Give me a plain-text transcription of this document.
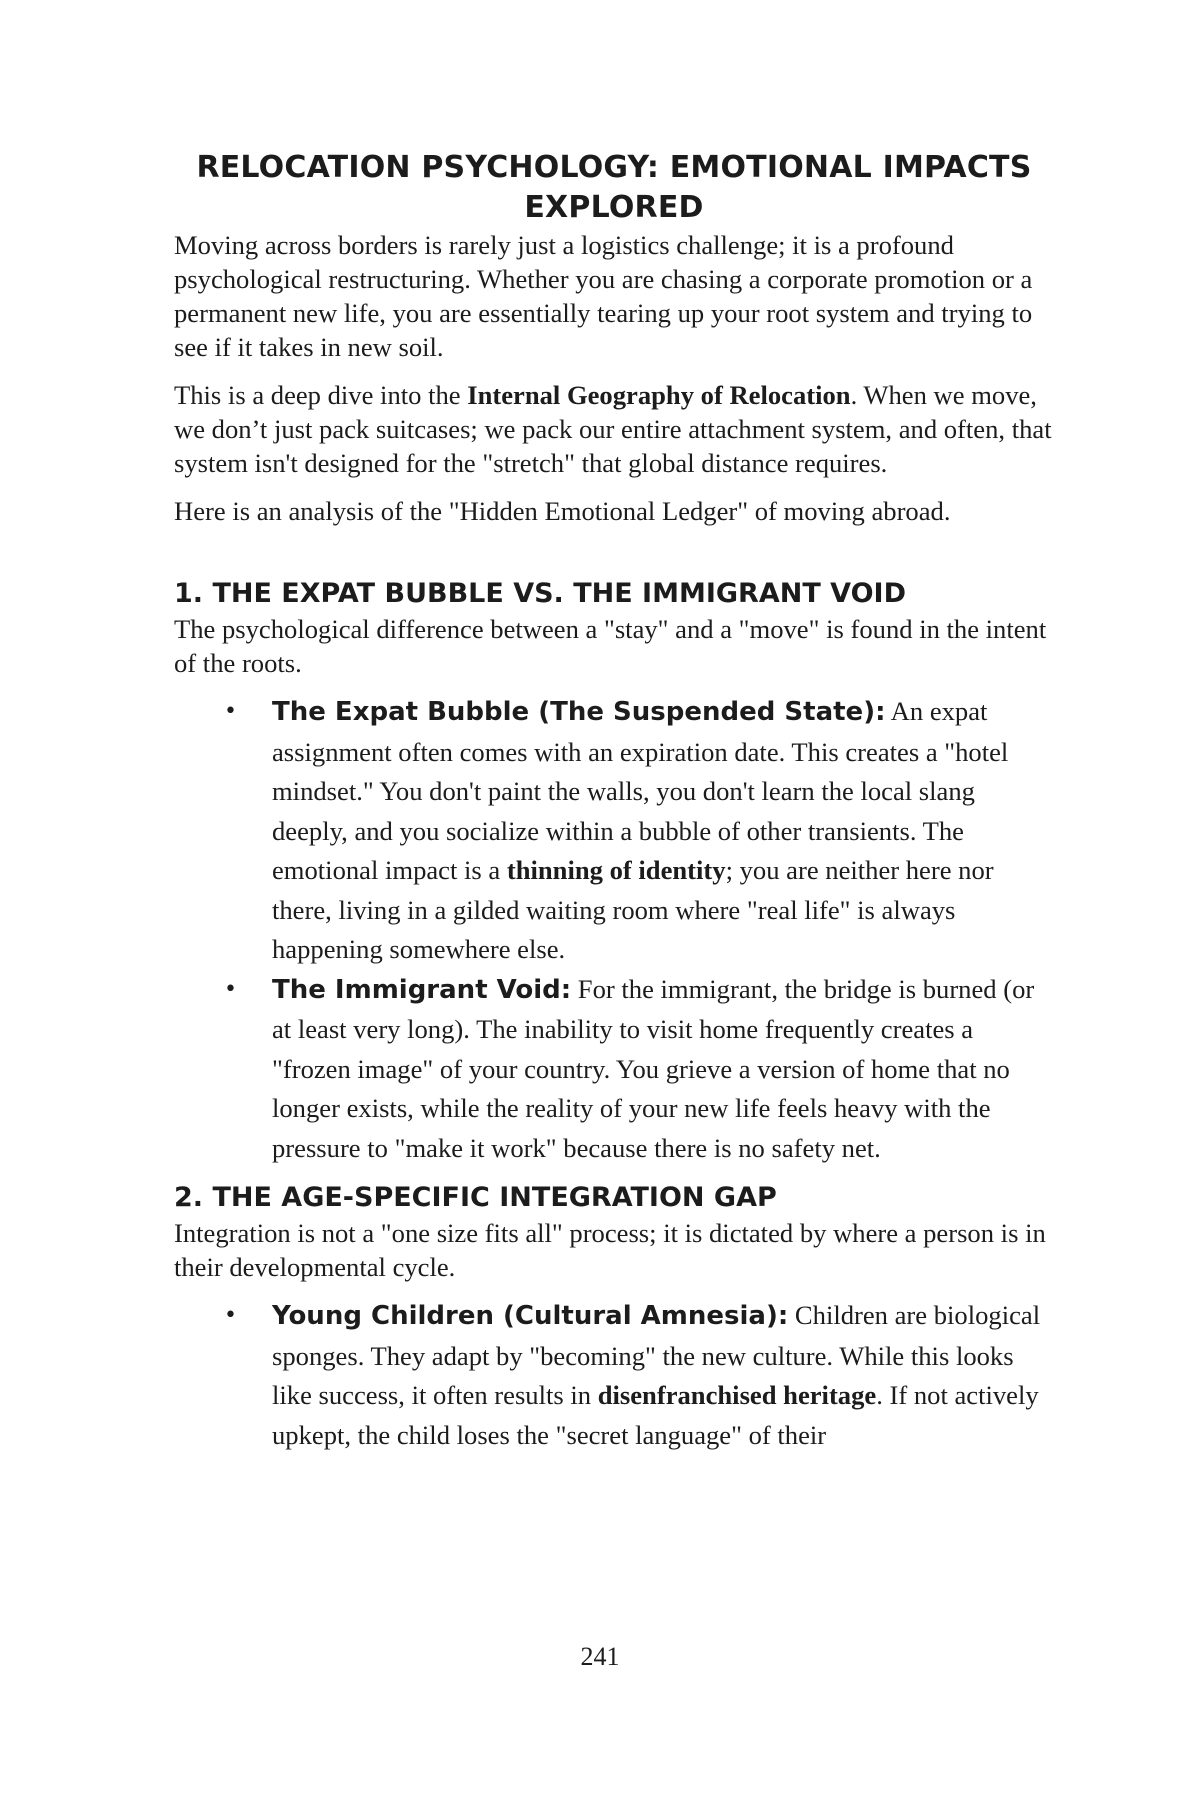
RELOCATION PSYCHOLOGY: EMOTIONAL IMPACTS EXPLORED

Moving across borders is rarely just a logistics challenge; it is a profound psychological restructuring. Whether you are chasing a corporate promotion or a permanent new life, you are essentially tearing up your root system and trying to see if it takes in new soil.

This is a deep dive into the Internal Geography of Relocation. When we move, we don’t just pack suitcases; we pack our entire attachment system, and often, that system isn't designed for the "stretch" that global distance requires.

Here is an analysis of the "Hidden Emotional Ledger" of moving abroad.

1. THE EXPAT BUBBLE VS. THE IMMIGRANT VOID

The psychological difference between a "stay" and a "move" is found in the intent of the roots.

• The Expat Bubble (The Suspended State): An expat assignment often comes with an expiration date. This creates a "hotel mindset." You don't paint the walls, you don't learn the local slang deeply, and you socialize within a bubble of other transients. The emotional impact is a thinning of identity; you are neither here nor there, living in a gilded waiting room where "real life" is always happening somewhere else.
• The Immigrant Void: For the immigrant, the bridge is burned (or at least very long). The inability to visit home frequently creates a "frozen image" of your country. You grieve a version of home that no longer exists, while the reality of your new life feels heavy with the pressure to "make it work" because there is no safety net.
2. THE AGE-SPECIFIC INTEGRATION GAP

Integration is not a "one size fits all" process; it is dictated by where a person is in their developmental cycle.

• Young Children (Cultural Amnesia): Children are biological sponges. They adapt by "becoming" the new culture. While this looks like success, it often results in disenfranchised heritage. If not actively upkept, the child loses the "secret language" of their
241
